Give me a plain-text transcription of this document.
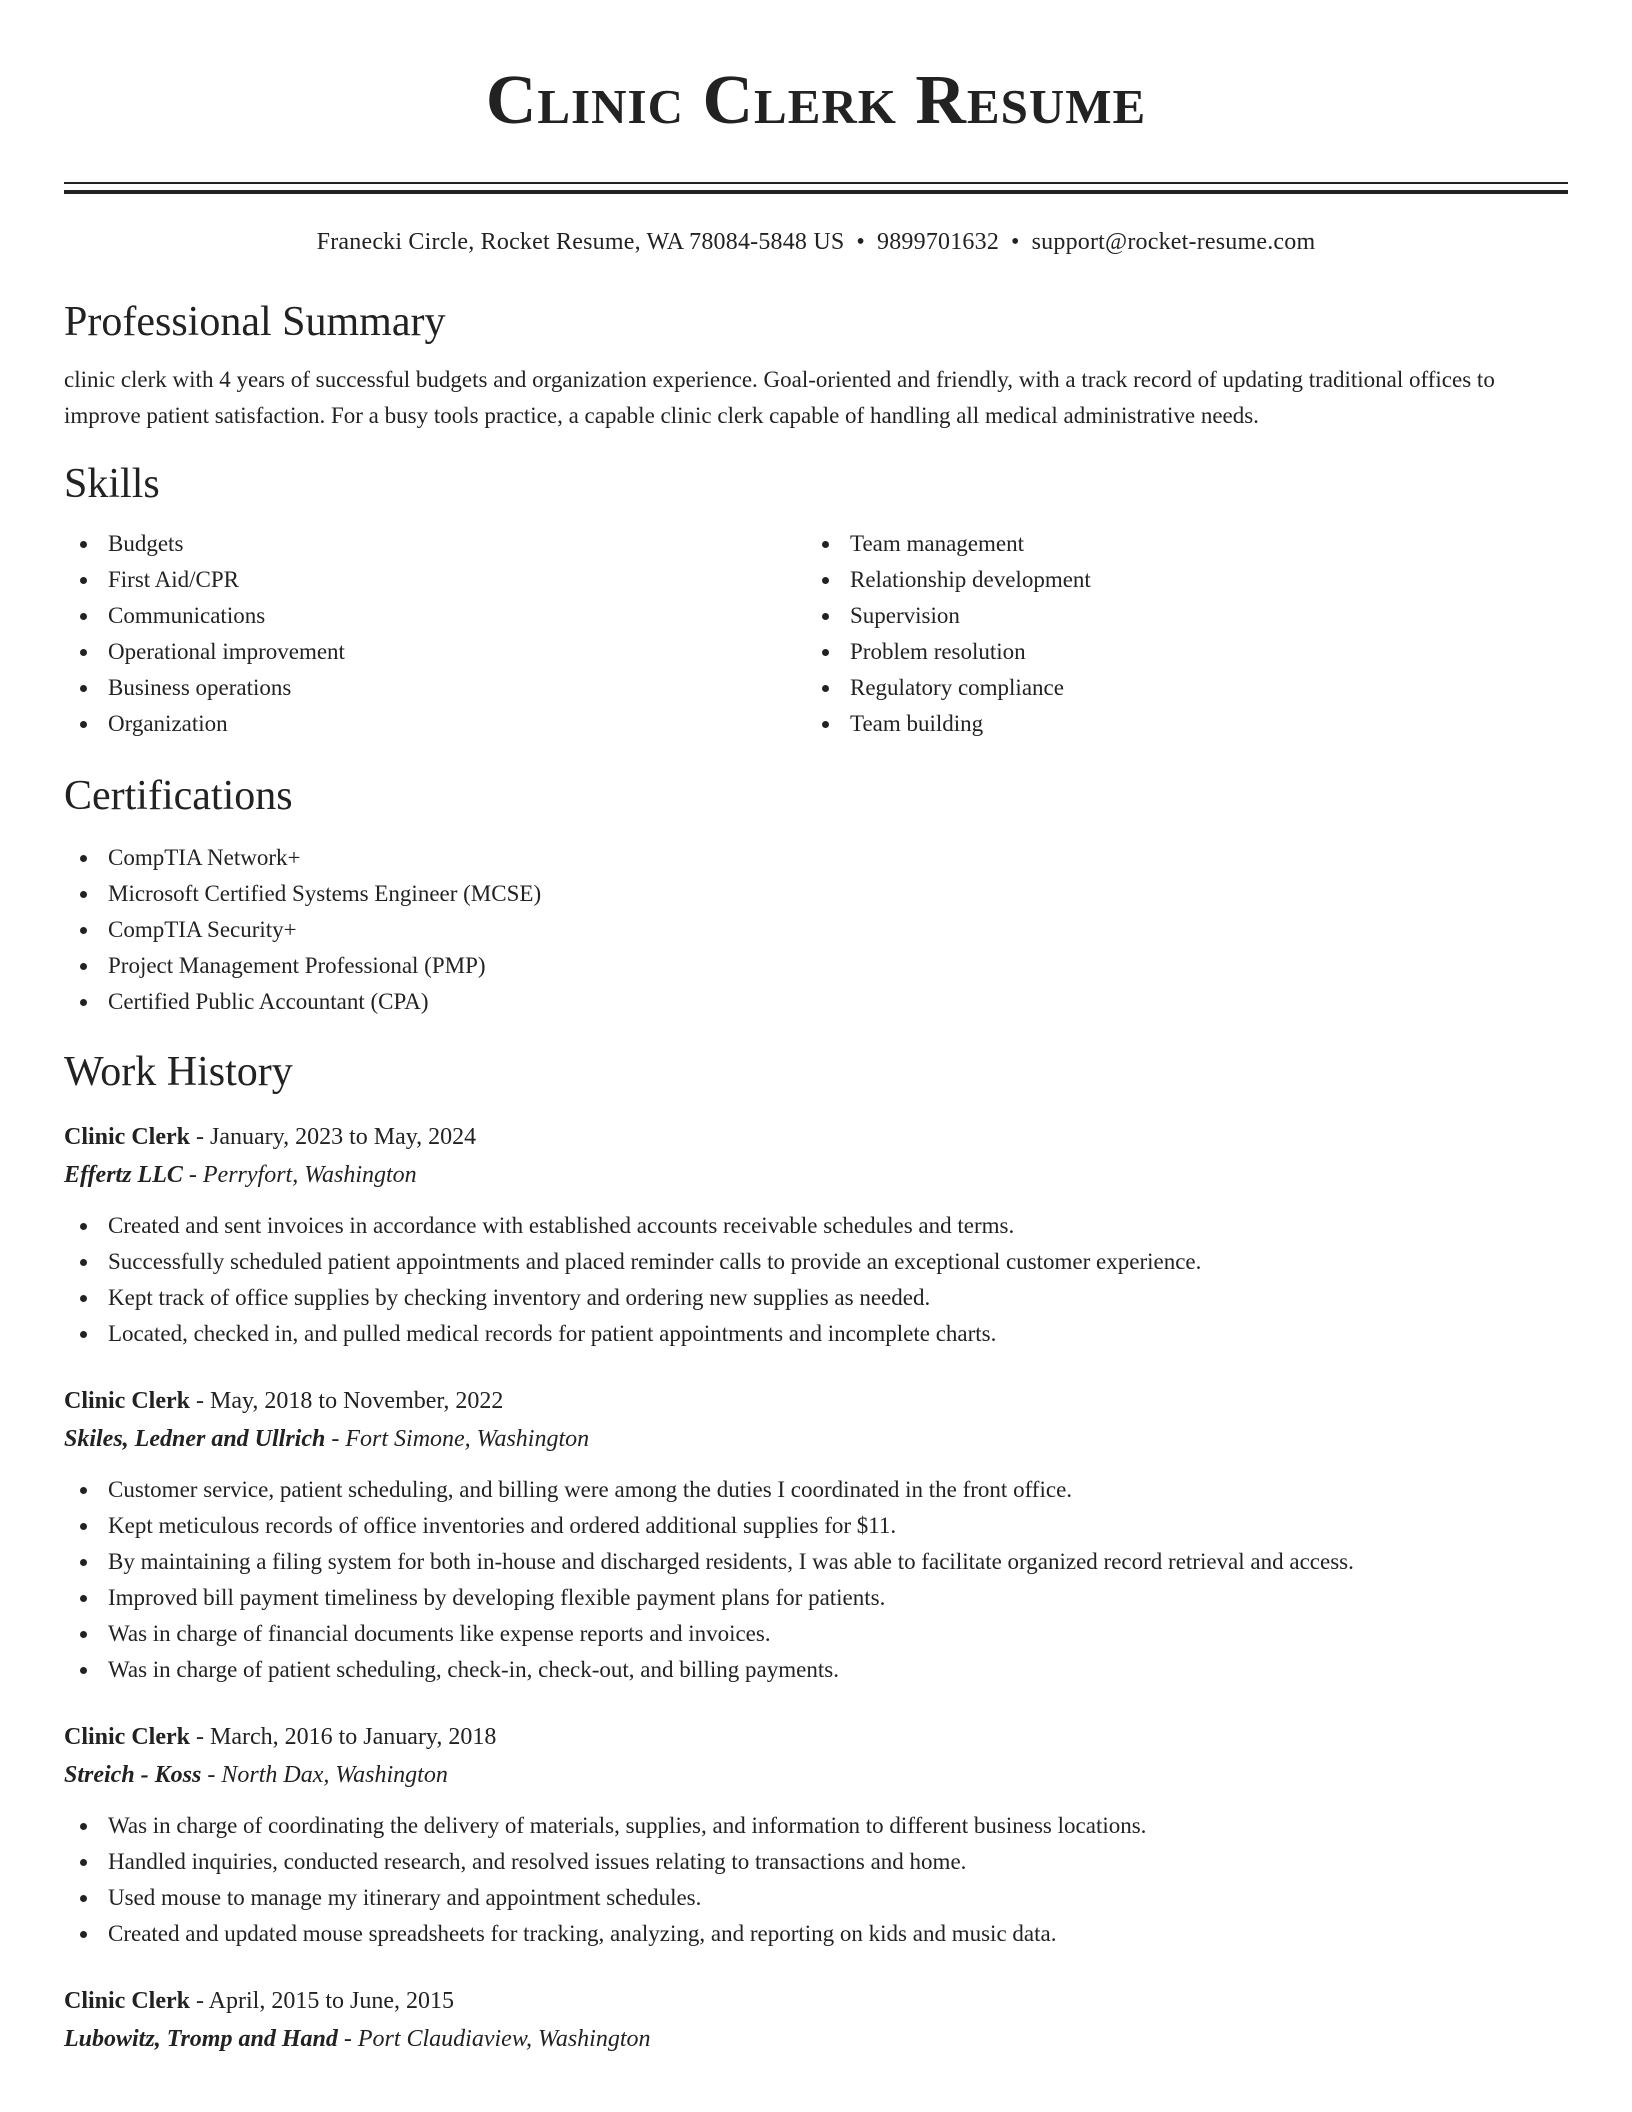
Clinic Clerk Resume
Franecki Circle, Rocket Resume, WA 78084-5848 US • 9899701632 • support@rocket-resume.com
Professional Summary

clinic clerk with 4 years of successful budgets and organization experience. Goal-oriented and friendly, with a track record of updating traditional offices to improve patient satisfaction. For a busy tools practice, a capable clinic clerk capable of handling all medical administrative needs.

Skills
Budgets
First Aid/CPR
Communications
Operational improvement
Business operations
Organization
Team management
Relationship development
Supervision
Problem resolution
Regulatory compliance
Team building
Certifications
CompTIA Network+
Microsoft Certified Systems Engineer (MCSE)
CompTIA Security+
Project Management Professional (PMP)
Certified Public Accountant (CPA)
Work History
Clinic Clerk - January, 2023 to May, 2024
Effertz LLC - Perryfort, Washington
Created and sent invoices in accordance with established accounts receivable schedules and terms.
Successfully scheduled patient appointments and placed reminder calls to provide an exceptional customer experience.
Kept track of office supplies by checking inventory and ordering new supplies as needed.
Located, checked in, and pulled medical records for patient appointments and incomplete charts.
Clinic Clerk - May, 2018 to November, 2022
Skiles, Ledner and Ullrich - Fort Simone, Washington
Customer service, patient scheduling, and billing were among the duties I coordinated in the front office.
Kept meticulous records of office inventories and ordered additional supplies for $11.
By maintaining a filing system for both in-house and discharged residents, I was able to facilitate organized record retrieval and access.
Improved bill payment timeliness by developing flexible payment plans for patients.
Was in charge of financial documents like expense reports and invoices.
Was in charge of patient scheduling, check-in, check-out, and billing payments.
Clinic Clerk - March, 2016 to January, 2018
Streich - Koss - North Dax, Washington
Was in charge of coordinating the delivery of materials, supplies, and information to different business locations.
Handled inquiries, conducted research, and resolved issues relating to transactions and home.
Used mouse to manage my itinerary and appointment schedules.
Created and updated mouse spreadsheets for tracking, analyzing, and reporting on kids and music data.
Clinic Clerk - April, 2015 to June, 2015
Lubowitz, Tromp and Hand - Port Claudiaview, Washington
